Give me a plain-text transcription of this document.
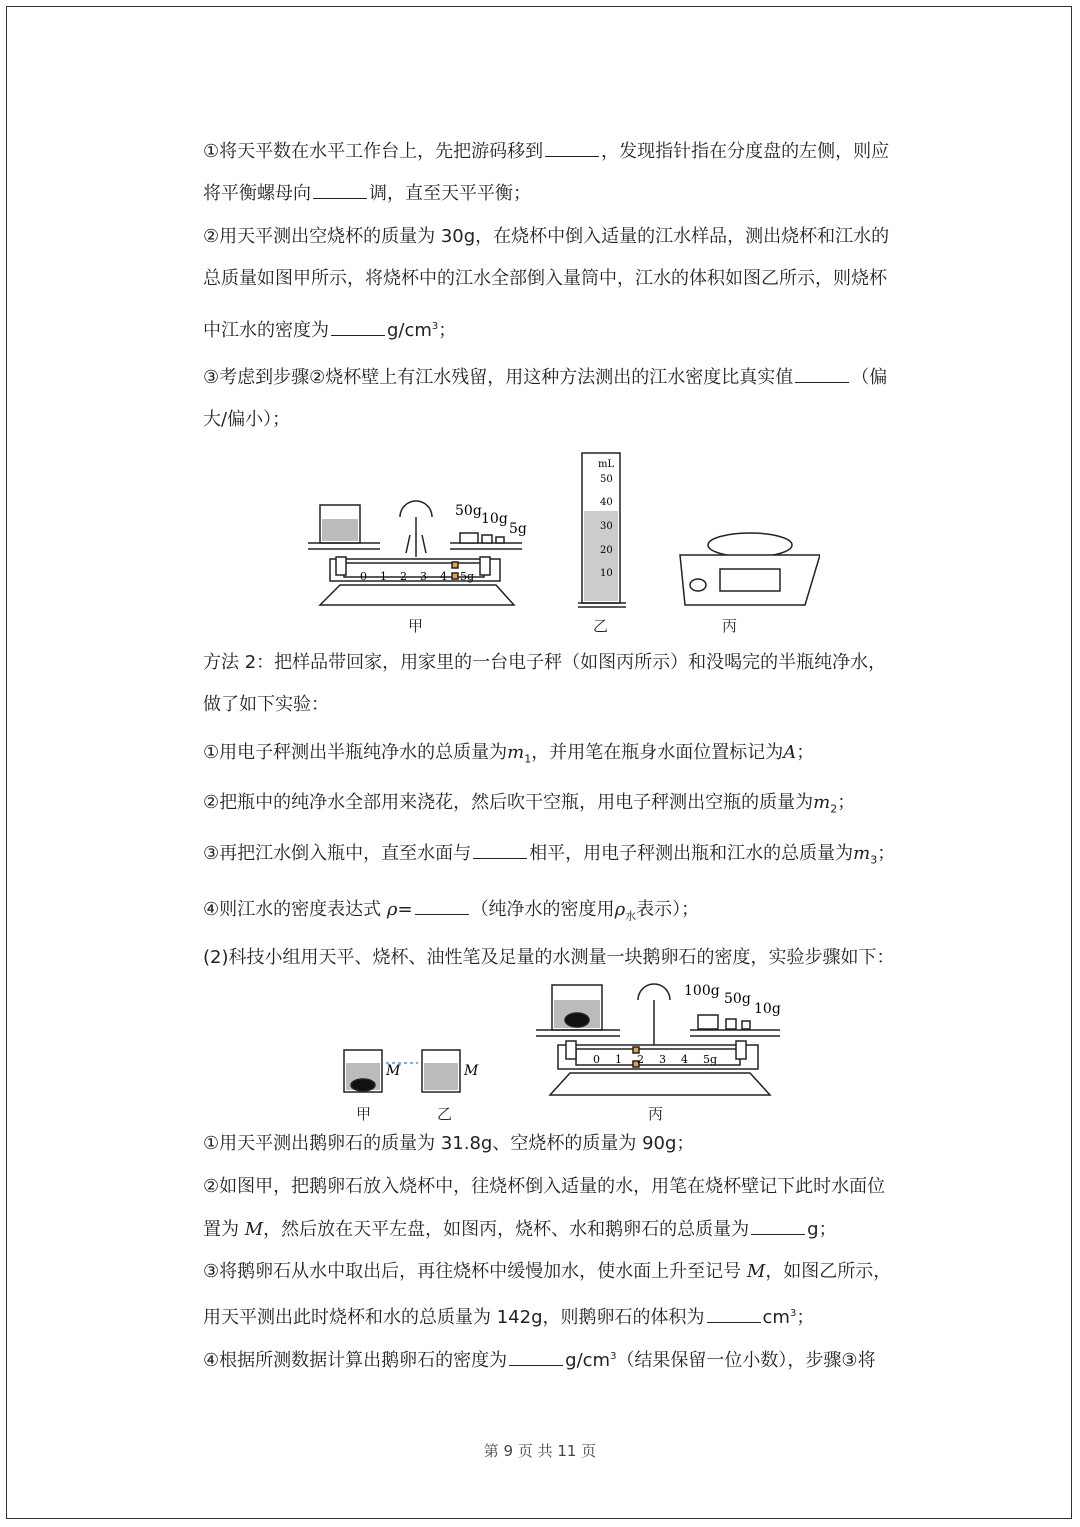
①将天平数在水平工作台上，先把游码移到	，发现指针指在分度盘的左侧，则应
将平衡螺母向	调，直至天平平衡；
②用天平测出空烧杯的质量为 30g，在烧杯中倒入适量的江水样品，测出烧杯和江水的
总质量如图甲所示，将烧杯中的江水全部倒入量筒中，江水的体积如图乙所示，则烧杯
中江水的密度为	$g/cm^3$；
③考虑到步骤②烧杯壁上有江水残留，用这种方法测出的江水密度比真实值	（偏
大/偏小）；
50g 10g
5g
0 1 2 3 4 5g
mL
50
40
30
20
10
甲	乙	丙
方法 2：把样品带回家，用家里的一台电子秤（如图丙所示）和没喝完的半瓶纯净水，
做了如下实验：
①用电子秤测出半瓶纯净水的总质量为$m_1$，并用笔在瓶身水面位置标记为A；
②把瓶中的纯净水全部用来浇花，然后吹干空瓶，用电子秤测出空瓶的质量为$m_2$；
③再把江水倒入瓶中，直至水面与	相平，用电子秤测出瓶和江水的总质量为$m_3$；
④则江水的密度表达式 ρ=	（纯净水的密度用$\rho_水$表示）；
(2)科技小组用天平、烧杯、油性笔及足量的水测量一块鹅卵石的密度，实验步骤如下：
M	M
100g 50g
10g
0 1 2 3 4 5g
甲	乙	丙
①用天平测出鹅卵石的质量为 31.8g、空烧杯的质量为 90g；
②如图甲，把鹅卵石放入烧杯中，往烧杯倒入适量的水，用笔在烧杯壁记下此时水面位
置为 M，然后放在天平左盘，如图丙，烧杯、水和鹅卵石的总质量为	g；
③将鹅卵石从水中取出后，再往烧杯中缓慢加水，使水面上升至记号 M，如图乙所示，
用天平测出此时烧杯和水的总质量为 142g，则鹅卵石的体积为	$cm^3$；
④根据所测数据计算出鹅卵石的密度为	$g/cm^3$（结果保留一位小数），步骤③将
第 9 页 共 11 页
